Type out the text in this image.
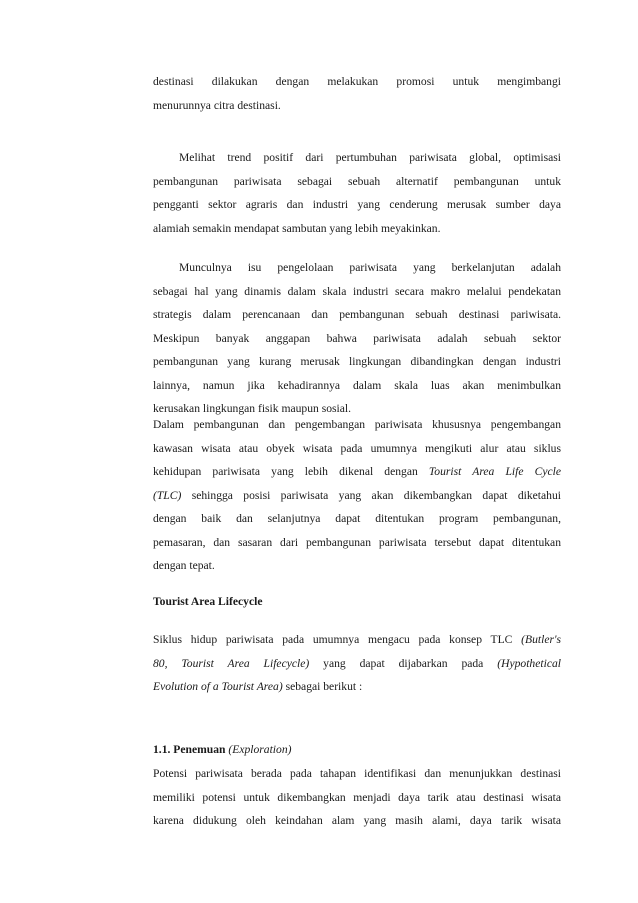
destinasi dilakukan dengan melakukan promosi untuk mengimbangi
menurunnya citra destinasi.
Melihat trend positif dari pertumbuhan pariwisata global, optimisasi
pembangunan pariwisata sebagai sebuah alternatif pembangunan untuk
pengganti sektor agraris dan industri yang cenderung merusak sumber daya
alamiah semakin mendapat sambutan yang lebih meyakinkan.
Munculnya isu pengelolaan pariwisata yang berkelanjutan adalah
sebagai hal yang dinamis dalam skala industri secara makro melalui pendekatan
strategis dalam perencanaan dan pembangunan sebuah destinasi pariwisata.
Meskipun banyak anggapan bahwa pariwisata adalah sebuah sektor
pembangunan yang kurang merusak lingkungan dibandingkan dengan industri
lainnya, namun jika kehadirannya dalam skala luas akan menimbulkan
kerusakan lingkungan fisik maupun sosial.
Dalam pembangunan dan pengembangan pariwisata khususnya pengembangan
kawasan wisata atau obyek wisata pada umumnya mengikuti alur atau siklus
kehidupan pariwisata yang lebih dikenal dengan Tourist Area Life Cycle
(TLC) sehingga posisi pariwisata yang akan dikembangkan dapat diketahui
dengan baik dan selanjutnya dapat ditentukan program pembangunan,
pemasaran, dan sasaran dari pembangunan pariwisata tersebut dapat ditentukan
dengan tepat.
Tourist Area Lifecycle
Siklus hidup pariwisata pada umumnya mengacu pada konsep TLC (Butler's
80, Tourist Area Lifecycle) yang dapat dijabarkan pada (Hypothetical
Evolution of a Tourist Area) sebagai berikut :
1.1. Penemuan (Exploration)
Potensi pariwisata berada pada tahapan identifikasi dan menunjukkan destinasi
memiliki potensi untuk dikembangkan menjadi daya tarik atau destinasi wisata
karena didukung oleh keindahan alam yang masih alami, daya tarik wisata
